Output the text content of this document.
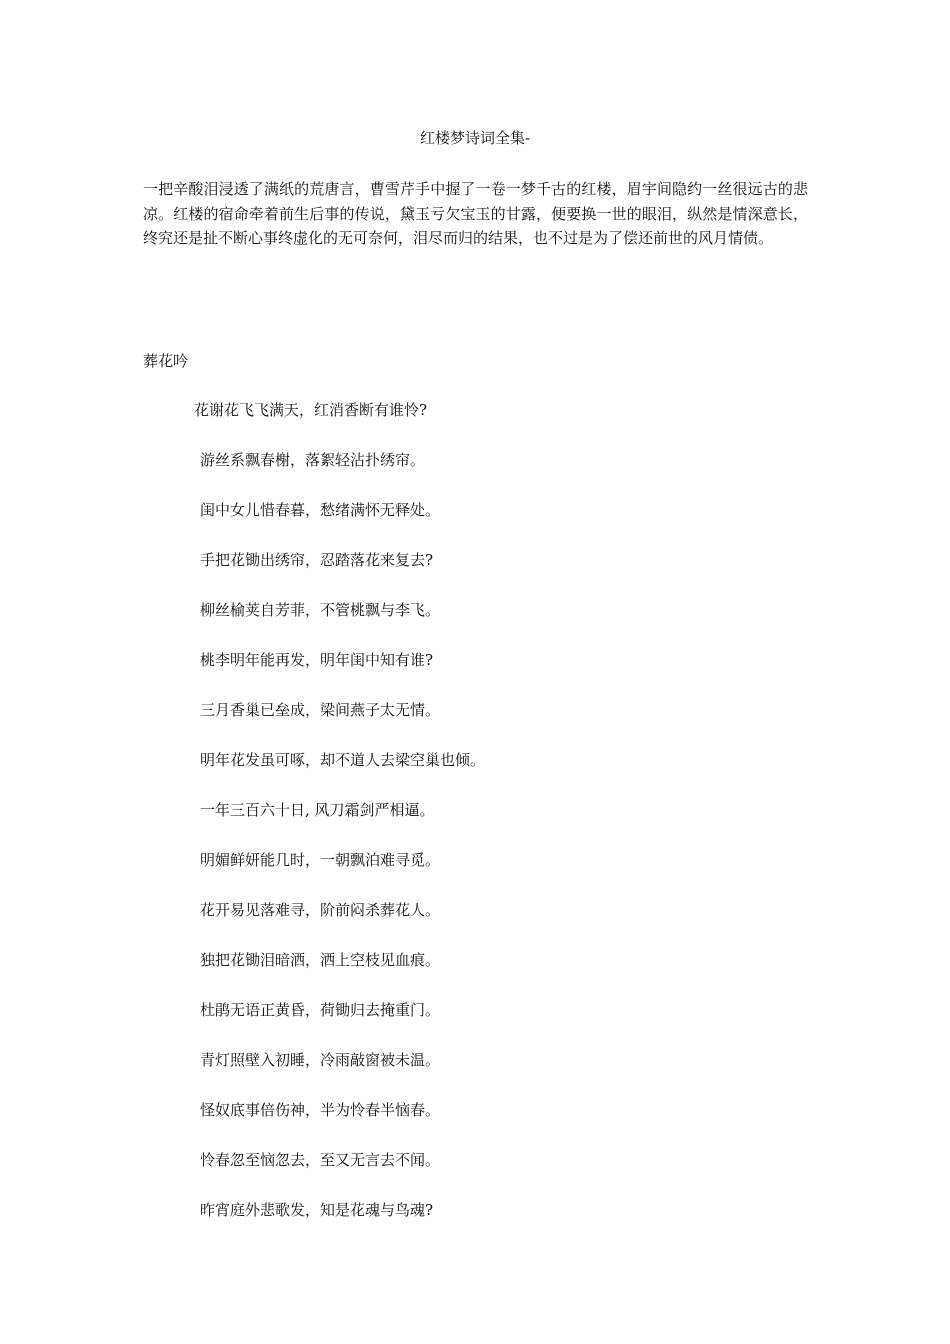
红楼梦诗词全集-
一把辛酸泪浸透了满纸的荒唐言，曹雪芹手中握了一卷一梦千古的红楼，眉宇间隐约一丝很远古的悲凉。红楼的宿命牵着前生后事的传说，黛玉亏欠宝玉的甘露，便要换一世的眼泪，纵然是情深意长，终究还是扯不断心事终虚化的无可奈何，泪尽而归的结果，也不过是为了偿还前世的风月情债。
葬花吟
花谢花飞飞满天，红消香断有谁怜?
游丝系飘春榭，落絮轻沾扑绣帘。
闺中女儿惜春暮，愁绪满怀无释处。
手把花锄出绣帘，忍踏落花来复去?
柳丝榆荚自芳菲，不管桃飘与李飞。
桃李明年能再发，明年闺中知有谁?
三月香巢已垒成，梁间燕子太无情。
明年花发虽可啄，却不道人去梁空巢也倾。
一年三百六十日, 风刀霜剑严相逼。
明媚鲜妍能几时，一朝飘泊难寻觅。
花开易见落难寻，阶前闷杀葬花人。
独把花锄泪暗洒，洒上空枝见血痕。
杜鹃无语正黄昏，荷锄归去掩重门。
青灯照壁入初睡，冷雨敲窗被未温。
怪奴底事倍伤神，半为怜春半恼春。
怜春忽至恼忽去，至又无言去不闻。
昨宵庭外悲歌发，知是花魂与鸟魂?
